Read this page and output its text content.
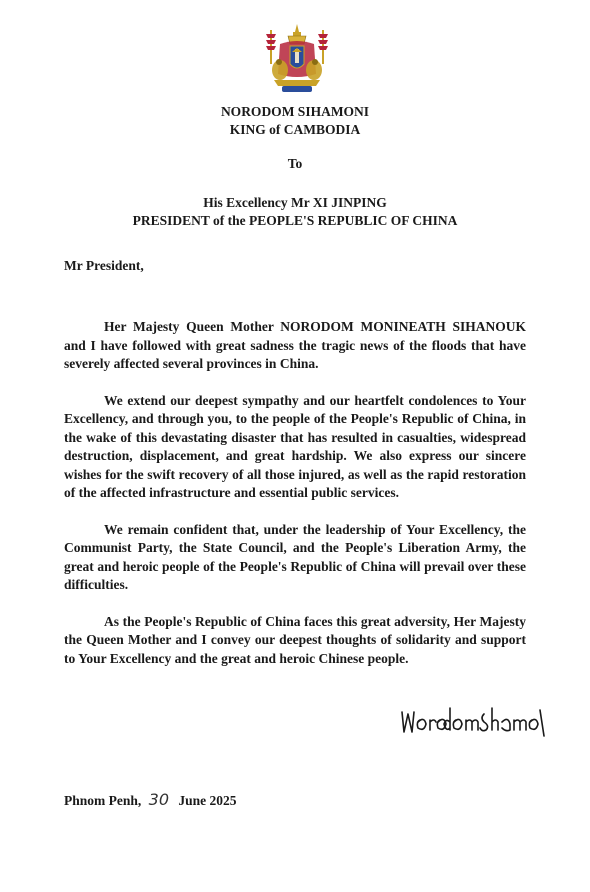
NORODOM SIHAMONI
KING of CAMBODIA
To
His Excellency Mr XI JINPING
PRESIDENT of the PEOPLE'S REPUBLIC OF CHINA
Mr President,

Her Majesty Queen Mother NORODOM MONINEATH SIHANOUK and I have followed with great sadness the tragic news of the floods that have severely affected several provinces in China.

We extend our deepest sympathy and our heartfelt condolences to Your Excellency, and through you, to the people of the People's Republic of China, in the wake of this devastating disaster that has resulted in casualties, widespread destruction, displacement, and great hardship. We also express our sincere wishes for the swift recovery of all those injured, as well as the rapid restoration of the affected infrastructure and essential public services.

We remain confident that, under the leadership of Your Excellency, the Communist Party, the State Council, and the People's Liberation Army, the great and heroic people of the People's Republic of China will prevail over these difficulties.

As the People's Republic of China faces this great adversity, Her Majesty the Queen Mother and I convey our deepest thoughts of solidarity and support to Your Excellency and the great and heroic Chinese people.

Phnom Penh, 30 June 2025
